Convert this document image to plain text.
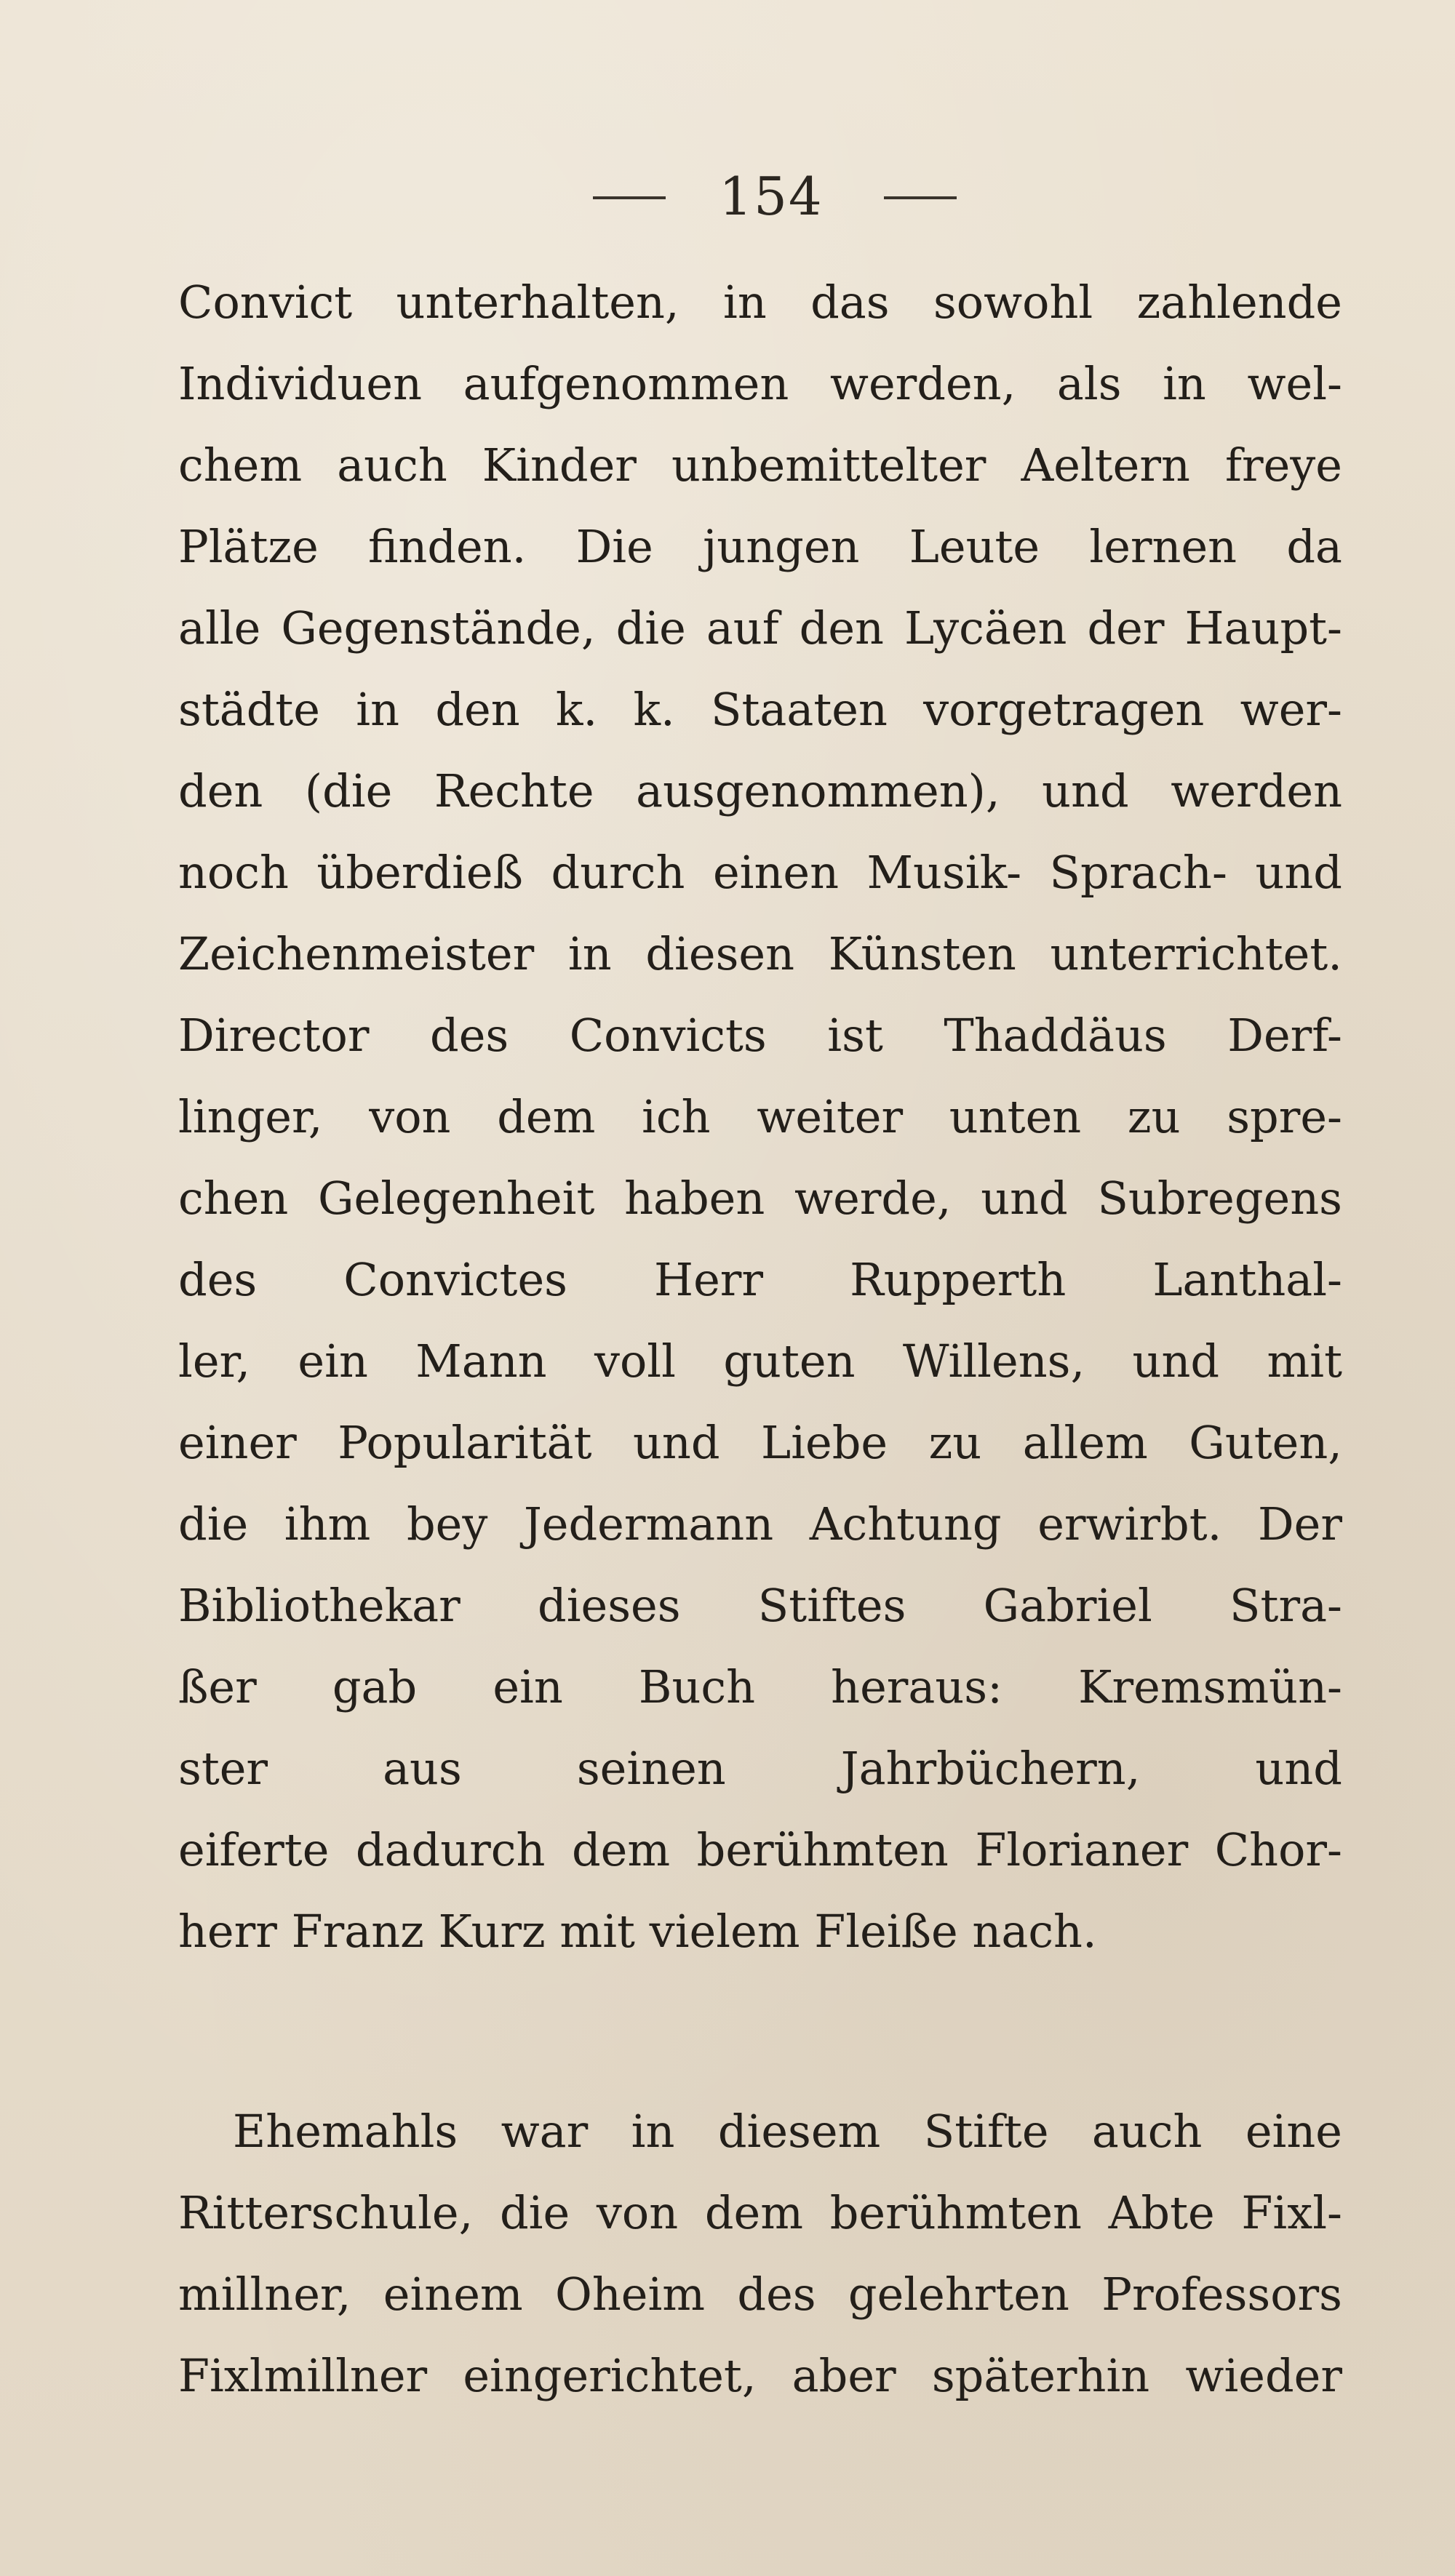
154
Convict unterhalten, in das sowohl zahlende
Individuen aufgenommen werden, als in wel-
chem auch Kinder unbemittelter Aeltern freye
Plätze finden. Die jungen Leute lernen da
alle Gegenstände, die auf den Lycäen der Haupt-
städte in den k. k. Staaten vorgetragen wer-
den (die Rechte ausgenommen), und werden
noch überdieß durch einen Musik- Sprach- und
Zeichenmeister in diesen Künsten unterrichtet.
Director des Convicts ist Thaddäus Derf-
linger, von dem ich weiter unten zu spre-
chen Gelegenheit haben werde, und Subregens
des Convictes Herr Rupperth Lanthal-
ler, ein Mann voll guten Willens, und mit
einer Popularität und Liebe zu allem Guten,
die ihm bey Jedermann Achtung erwirbt. Der
Bibliothekar dieses Stiftes Gabriel Stra-
ßer gab ein Buch heraus: Kremsmün-
ster aus seinen Jahrbüchern, und
eiferte dadurch dem berühmten Florianer Chor-
herr Franz Kurz mit vielem Fleiße nach.
Ehemahls war in diesem Stifte auch eine
Ritterschule, die von dem berühmten Abte Fixl-
millner, einem Oheim des gelehrten Professors
Fixlmillner eingerichtet, aber späterhin wieder
